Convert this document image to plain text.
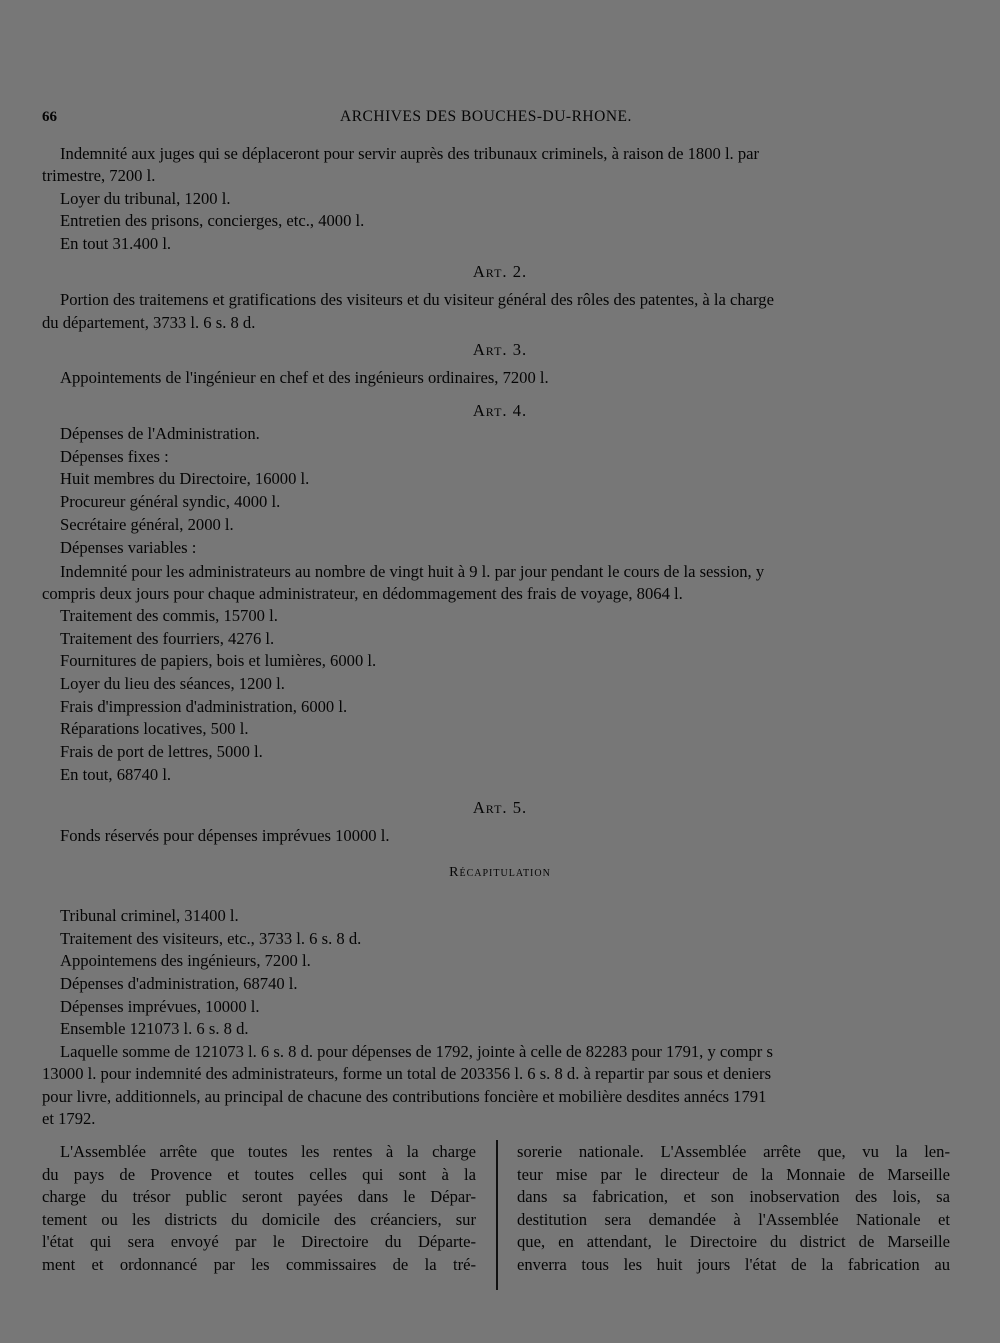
66	ARCHIVES DES BOUCHES-DU-RHONE.
Indemnité aux juges qui se déplaceront pour servir auprès des tribunaux criminels, à raison de 1800 l. par
trimestre, 7200 l.
Loyer du tribunal, 1200 l.
Entretien des prisons, concierges, etc., 4000 l.
En tout 31.400 l.
Art. 2.
Portion des traitemens et gratifications des visiteurs et du visiteur général des rôles des patentes, à la charge
du département, 3733 l. 6 s. 8 d.
Art. 3.
Appointements de l'ingénieur en chef et des ingénieurs ordinaires, 7200 l.
Art. 4.
Dépenses de l'Administration.
Dépenses fixes :
Huit membres du Directoire, 16000 l.
Procureur général syndic, 4000 l.
Secrétaire général, 2000 l.
Dépenses variables :
Indemnité pour les administrateurs au nombre de vingt huit à 9 l. par jour pendant le cours de la session, y
compris deux jours pour chaque administrateur, en dédommagement des frais de voyage, 8064 l.
Traitement des commis, 15700 l.
Traitement des fourriers, 4276 l.
Fournitures de papiers, bois et lumières, 6000 l.
Loyer du lieu des séances, 1200 l.
Frais d'impression d'administration, 6000 l.
Réparations locatives, 500 l.
Frais de port de lettres, 5000 l.
En tout, 68740 l.
Art. 5.
Fonds réservés pour dépenses imprévues 10000 l.
Récapitulation
Tribunal criminel, 31400 l.
Traitement des visiteurs, etc., 3733 l. 6 s. 8 d.
Appointemens des ingénieurs, 7200 l.
Dépenses d'administration, 68740 l.
Dépenses imprévues, 10000 l.
Ensemble 121073 l. 6 s. 8 d.
Laquelle somme de 121073 l. 6 s. 8 d. pour dépenses de 1792, jointe à celle de 82283 pour 1791, y compr s
13000 l. pour indemnité des administrateurs, forme un total de 203356 l. 6 s. 8 d. à repartir par sous et deniers
pour livre, additionnels, au principal de chacune des contributions foncière et mobilière desdites annécs 1791
et 1792.
L'Assemblée arrête que toutes les rentes à la charge
du pays de Provence et toutes celles qui sont à la
charge du trésor public seront payées dans le Dépar-
tement ou les districts du domicile des créanciers, sur
l'état qui sera envoyé par le Directoire du Départe-
ment et ordonnancé par les commissaires de la tré-
sorerie nationale. L'Assemblée arrête que, vu la len-
teur mise par le directeur de la Monnaie de Marseille
dans sa fabrication, et son inobservation des lois, sa
destitution sera demandée à l'Assemblée Nationale et
que, en attendant, le Directoire du district de Marseille
enverra tous les huit jours l'état de la fabrication au
